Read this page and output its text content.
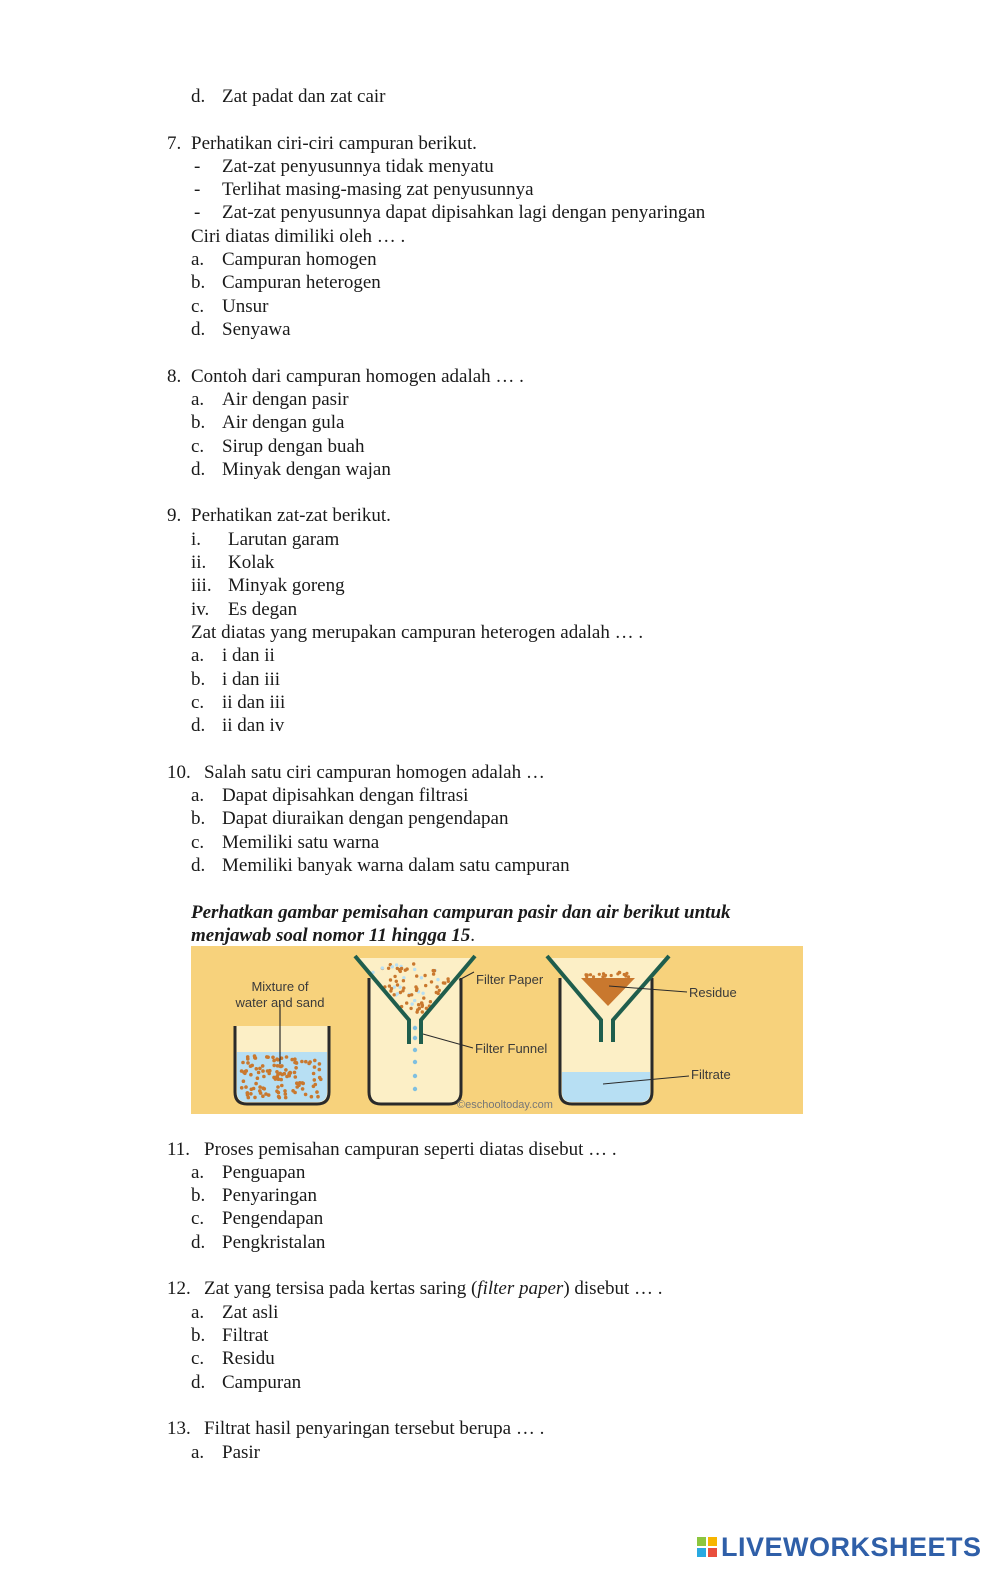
d. Zat padat dan zat cair
7. Perhatikan ciri-ciri campuran berikut.
- Zat-zat penyusunnya tidak menyatu
- Terlihat masing-masing zat penyusunnya
- Zat-zat penyusunnya dapat dipisahkan lagi dengan penyaringan
Ciri diatas dimiliki oleh … .
a. Campuran homogen
b. Campuran heterogen
c. Unsur
d. Senyawa
8. Contoh dari campuran homogen adalah … .
a. Air dengan pasir
b. Air dengan gula
c. Sirup dengan buah
d. Minyak dengan wajan
9. Perhatikan zat-zat berikut.
i. Larutan garam
ii. Kolak
iii. Minyak goreng
iv. Es degan
Zat diatas yang merupakan campuran heterogen adalah … .
a. i dan ii
b. i dan iii
c. ii dan iii
d. ii dan iv
10. Salah satu ciri campuran homogen adalah …
a. Dapat dipisahkan dengan filtrasi
b. Dapat diuraikan dengan pengendapan
c. Memiliki satu warna
d. Memiliki banyak warna dalam satu campuran
Perhatkan gambar pemisahan campuran pasir dan air berikut untuk
menjawab soal nomor 11 hingga 15.
Mixture of
water and sand
Filter Paper
Filter Funnel
©eschooltoday.com
Residue
Filtrate
11. Proses pemisahan campuran seperti diatas disebut … .
a. Penguapan
b. Penyaringan
c. Pengendapan
d. Pengkristalan
12. Zat yang tersisa pada kertas saring (filter paper) disebut … .
a. Zat asli
b. Filtrat
c. Residu
d. Campuran
13. Filtrat hasil penyaringan tersebut berupa … .
a. Pasir
LIVEWORKSHEETS
